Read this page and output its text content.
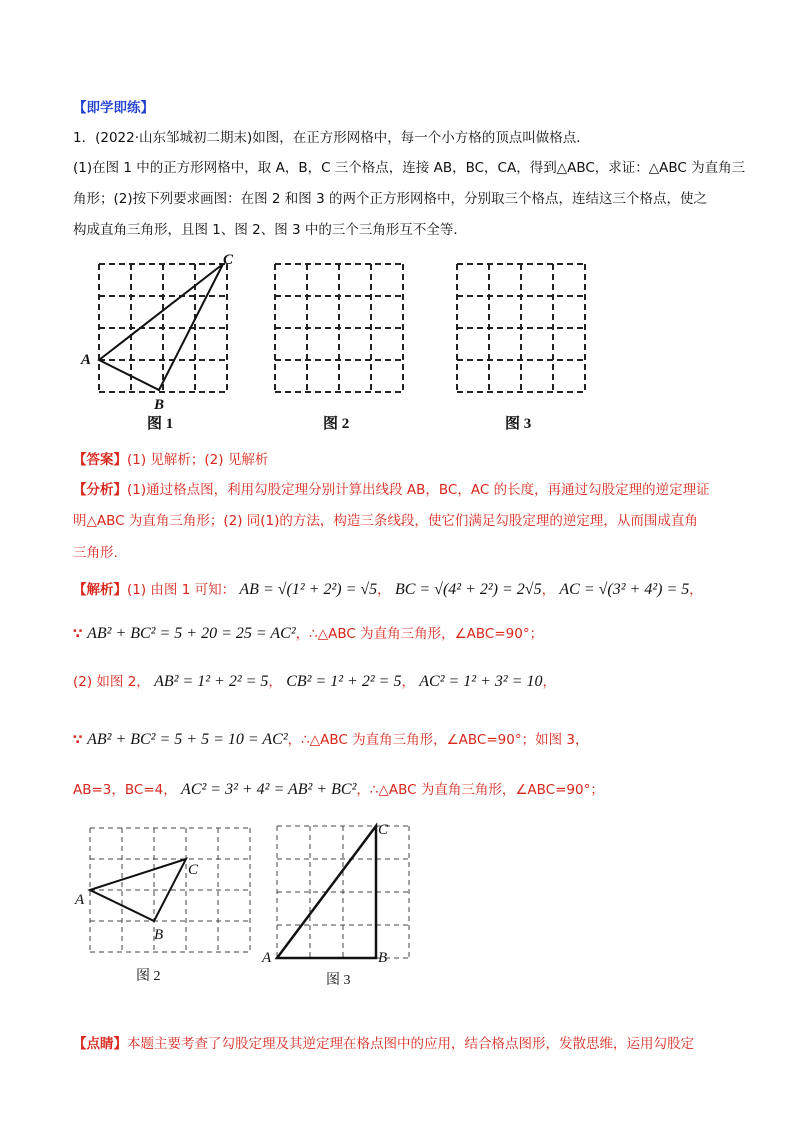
【即学即练】
1．(2022·山东邹城初二期末)如图，在正方形网格中，每一个小方格的顶点叫做格点．
(1)在图 1 中的正方形网格中，取 A，B，C 三个格点，连接 AB，BC，CA，得到△ABC，求证：△ABC 为直角三
角形；(2)按下列要求画图：在图 2 和图 3 的两个正方形网格中，分别取三个格点，连结这三个格点，使之
构成直角三角形，且图 1、图 2、图 3 中的三个三角形互不全等．
A
B
C
图 1	图 2	图 3
【答案】(1) 见解析；(2) 见解析
【分析】(1)通过格点图，利用勾股定理分别计算出线段 AB，BC，AC 的长度，再通过勾股定理的逆定理证
明△ABC 为直角三角形；(2) 同(1)的方法，构造三条线段，使它们满足勾股定理的逆定理，从而围成直角
三角形．
【解析】(1) 由图 1 可知： AB = √(1² + 2²) = √5， BC = √(4² + 2²) = 2√5， AC = √(3² + 4²) = 5，
∵ AB² + BC² = 5 + 20 = 25 = AC²，∴△ABC 为直角三角形，∠ABC=90°；
(2) 如图 2， AB² = 1² + 2² = 5， CB² = 1² + 2² = 5， AC² = 1² + 3² = 10，
∵ AB² + BC² = 5 + 5 = 10 = AC²，∴△ABC 为直角三角形，∠ABC=90°；如图 3，
AB=3，BC=4， AC² = 3² + 4² = AB² + BC²，∴△ABC 为直角三角形，∠ABC=90°；
A
B
C
图 2
A	B
C
图 3
【点睛】本题主要考查了勾股定理及其逆定理在格点图中的应用，结合格点图形，发散思维，运用勾股定
